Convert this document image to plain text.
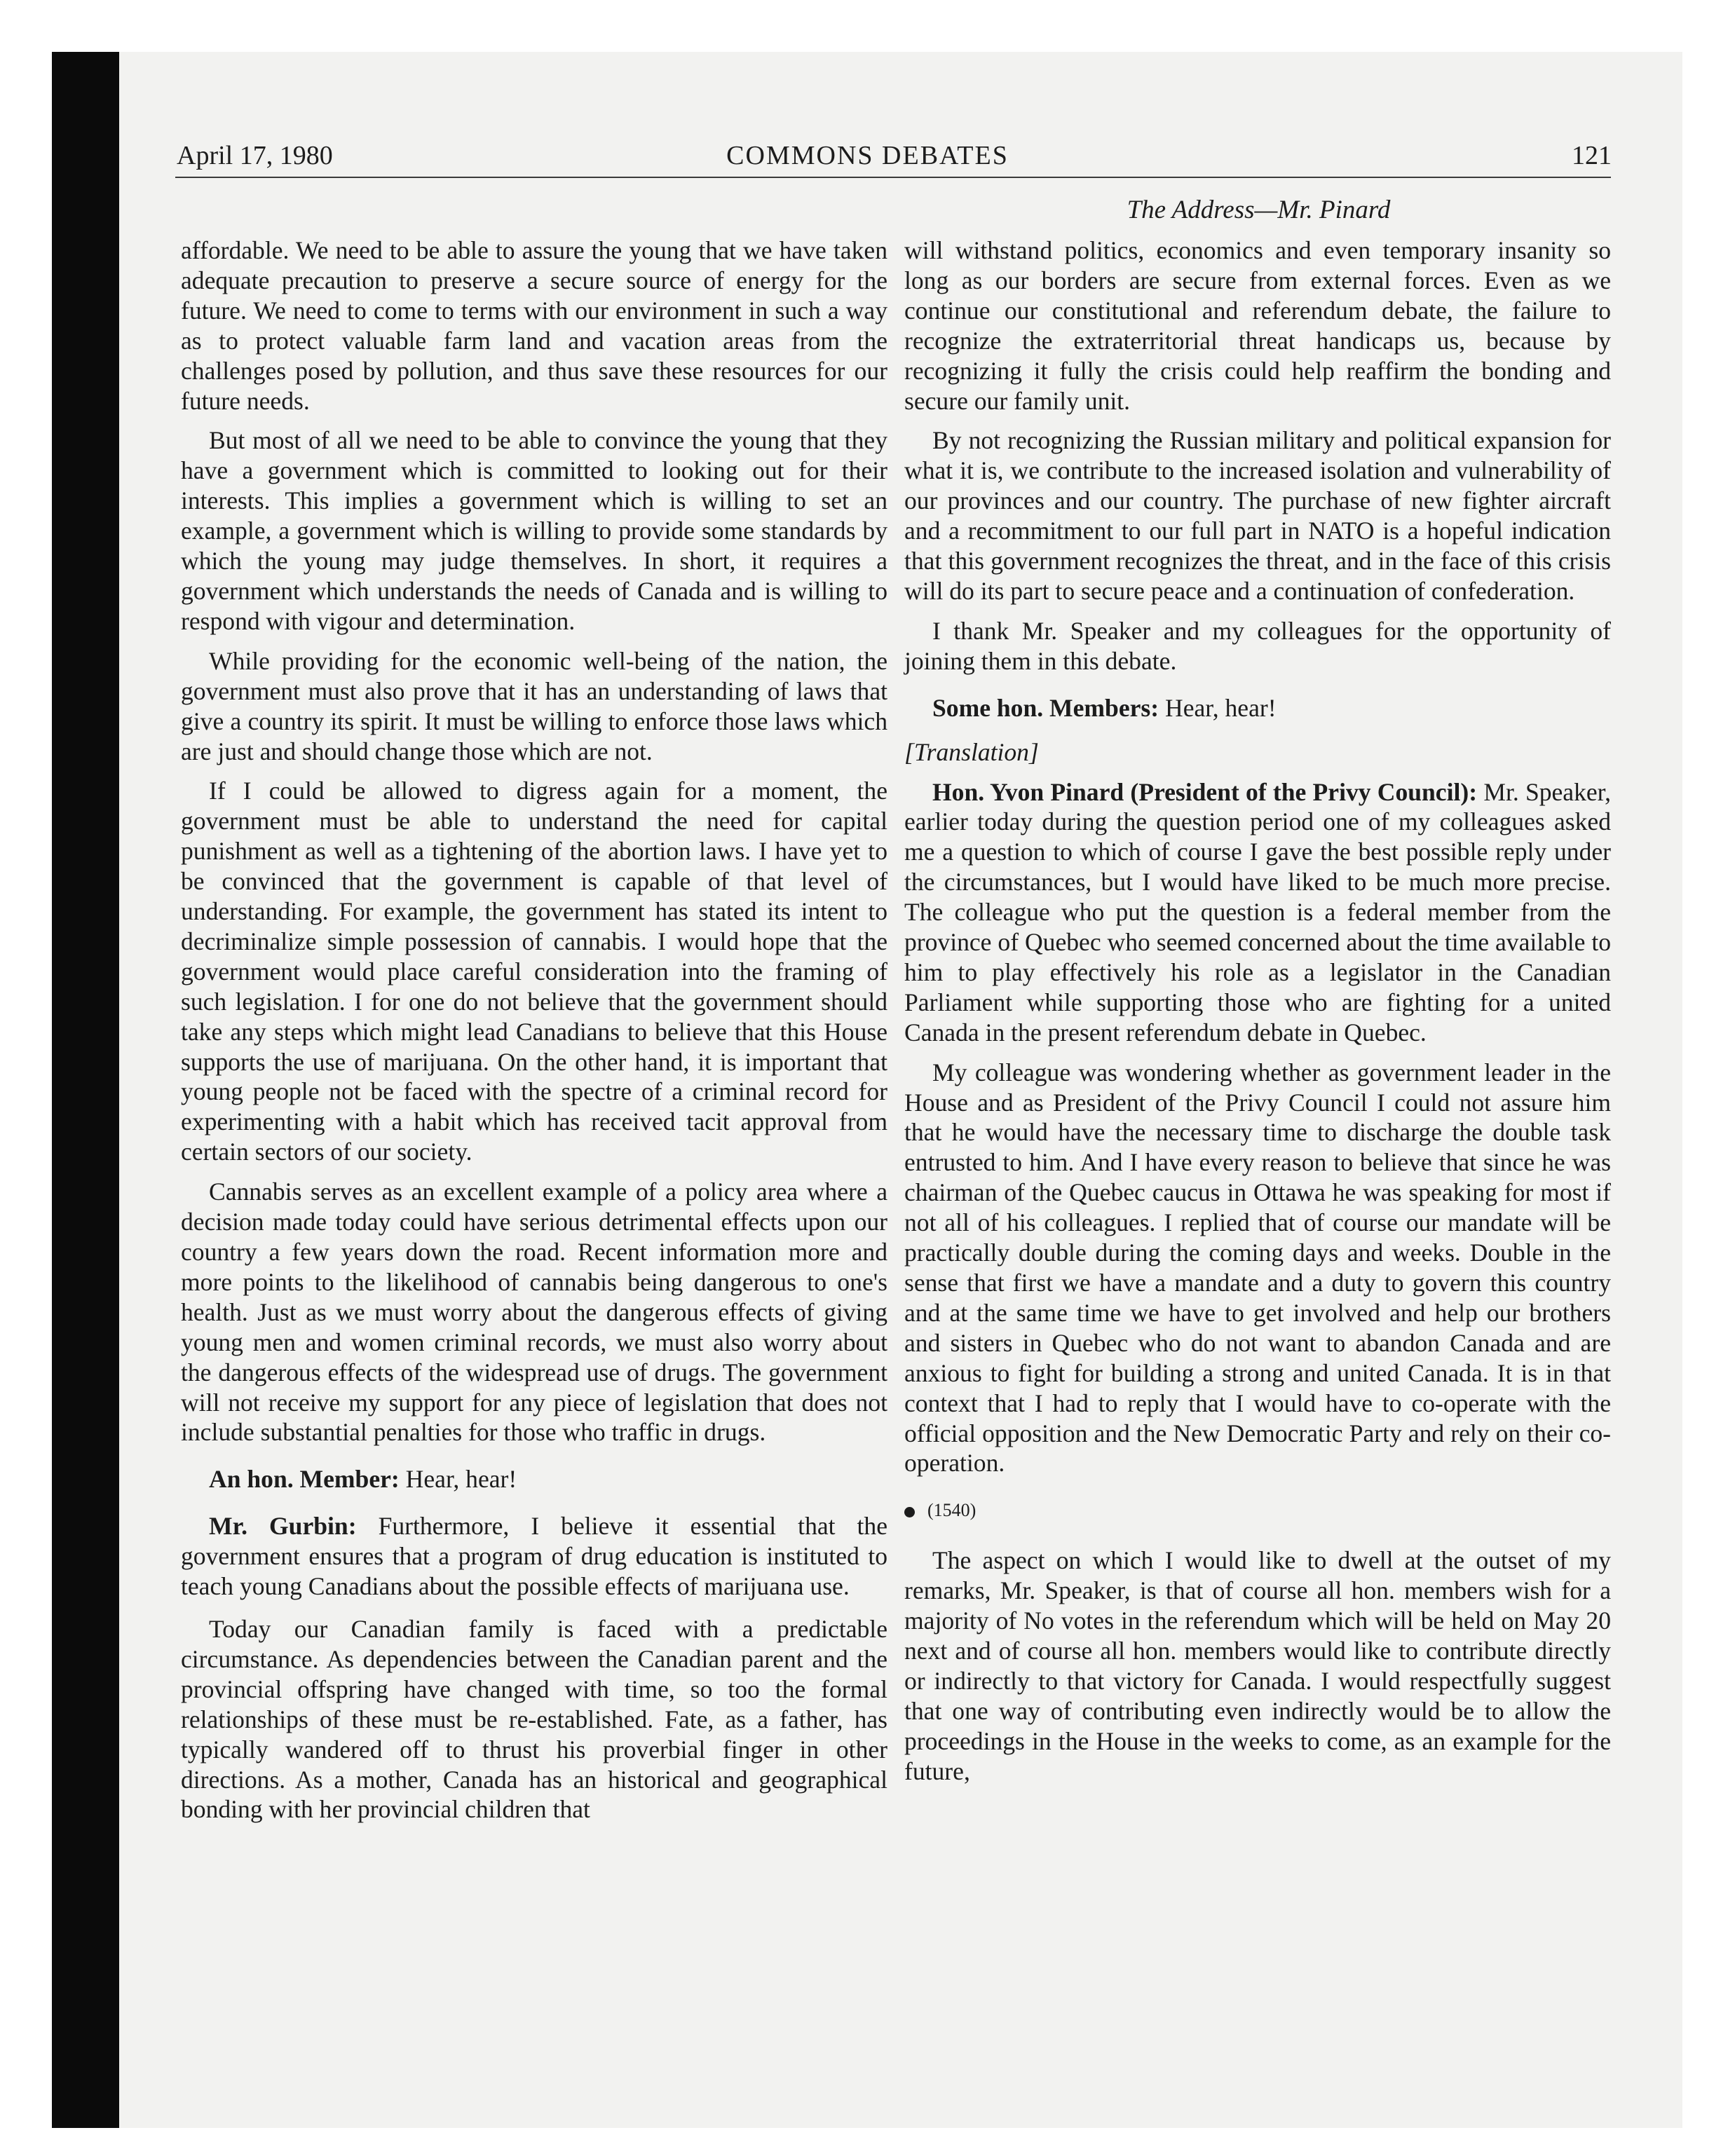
April 17, 1980	COMMONS DEBATES	121
The Address—Mr. Pinard

affordable. We need to be able to assure the young that we have taken adequate precaution to preserve a secure source of energy for the future. We need to come to terms with our environment in such a way as to protect valuable farm land and vacation areas from the challenges posed by pollution, and thus save these resources for our future needs.

But most of all we need to be able to convince the young that they have a government which is committed to looking out for their interests. This implies a government which is willing to set an example, a government which is willing to provide some standards by which the young may judge themselves. In short, it requires a government which understands the needs of Canada and is willing to respond with vigour and determination.

While providing for the economic well-being of the nation, the government must also prove that it has an understanding of laws that give a country its spirit. It must be willing to enforce those laws which are just and should change those which are not.

If I could be allowed to digress again for a moment, the government must be able to understand the need for capital punishment as well as a tightening of the abortion laws. I have yet to be convinced that the government is capable of that level of understanding. For example, the government has stated its intent to decriminalize simple possession of cannabis. I would hope that the government would place careful consideration into the framing of such legislation. I for one do not believe that the government should take any steps which might lead Canadians to believe that this House supports the use of marijuana. On the other hand, it is important that young people not be faced with the spectre of a criminal record for experimenting with a habit which has received tacit approval from certain sectors of our society.

Cannabis serves as an excellent example of a policy area where a decision made today could have serious detrimental effects upon our country a few years down the road. Recent information more and more points to the likelihood of cannabis being dangerous to one's health. Just as we must worry about the dangerous effects of giving young men and women criminal records, we must also worry about the dangerous effects of the widespread use of drugs. The government will not receive my support for any piece of legislation that does not include substantial penalties for those who traffic in drugs.

An hon. Member: Hear, hear!

Mr. Gurbin: Furthermore, I believe it essential that the government ensures that a program of drug education is instituted to teach young Canadians about the possible effects of marijuana use.

Today our Canadian family is faced with a predictable circumstance. As dependencies between the Canadian parent and the provincial offspring have changed with time, so too the formal relationships of these must be re-established. Fate, as a father, has typically wandered off to thrust his proverbial finger in other directions. As a mother, Canada has an historical and geographical bonding with her provincial children that

will withstand politics, economics and even temporary insanity so long as our borders are secure from external forces. Even as we continue our constitutional and referendum debate, the failure to recognize the extraterritorial threat handicaps us, because by recognizing it fully the crisis could help reaffirm the bonding and secure our family unit.

By not recognizing the Russian military and political expansion for what it is, we contribute to the increased isolation and vulnerability of our provinces and our country. The purchase of new fighter aircraft and a recommitment to our full part in NATO is a hopeful indication that this government recognizes the threat, and in the face of this crisis will do its part to secure peace and a continuation of confederation.

I thank Mr. Speaker and my colleagues for the opportunity of joining them in this debate.

Some hon. Members: Hear, hear!

[Translation]

Hon. Yvon Pinard (President of the Privy Council): Mr. Speaker, earlier today during the question period one of my colleagues asked me a question to which of course I gave the best possible reply under the circumstances, but I would have liked to be much more precise. The colleague who put the question is a federal member from the province of Quebec who seemed concerned about the time available to him to play effectively his role as a legislator in the Canadian Parliament while supporting those who are fighting for a united Canada in the present referendum debate in Quebec.

My colleague was wondering whether as government leader in the House and as President of the Privy Council I could not assure him that he would have the necessary time to discharge the double task entrusted to him. And I have every reason to believe that since he was chairman of the Quebec caucus in Ottawa he was speaking for most if not all of his colleagues. I replied that of course our mandate will be practically double during the coming days and weeks. Double in the sense that first we have a mandate and a duty to govern this country and at the same time we have to get involved and help our brothers and sisters in Quebec who do not want to abandon Canada and are anxious to fight for building a strong and united Canada. It is in that context that I had to reply that I would have to co-operate with the official opposition and the New Democratic Party and rely on their co-operation.

(1540)

The aspect on which I would like to dwell at the outset of my remarks, Mr. Speaker, is that of course all hon. members wish for a majority of No votes in the referendum which will be held on May 20 next and of course all hon. members would like to contribute directly or indirectly to that victory for Canada. I would respectfully suggest that one way of contributing even indirectly would be to allow the proceedings in the House in the weeks to come, as an example for the future,
